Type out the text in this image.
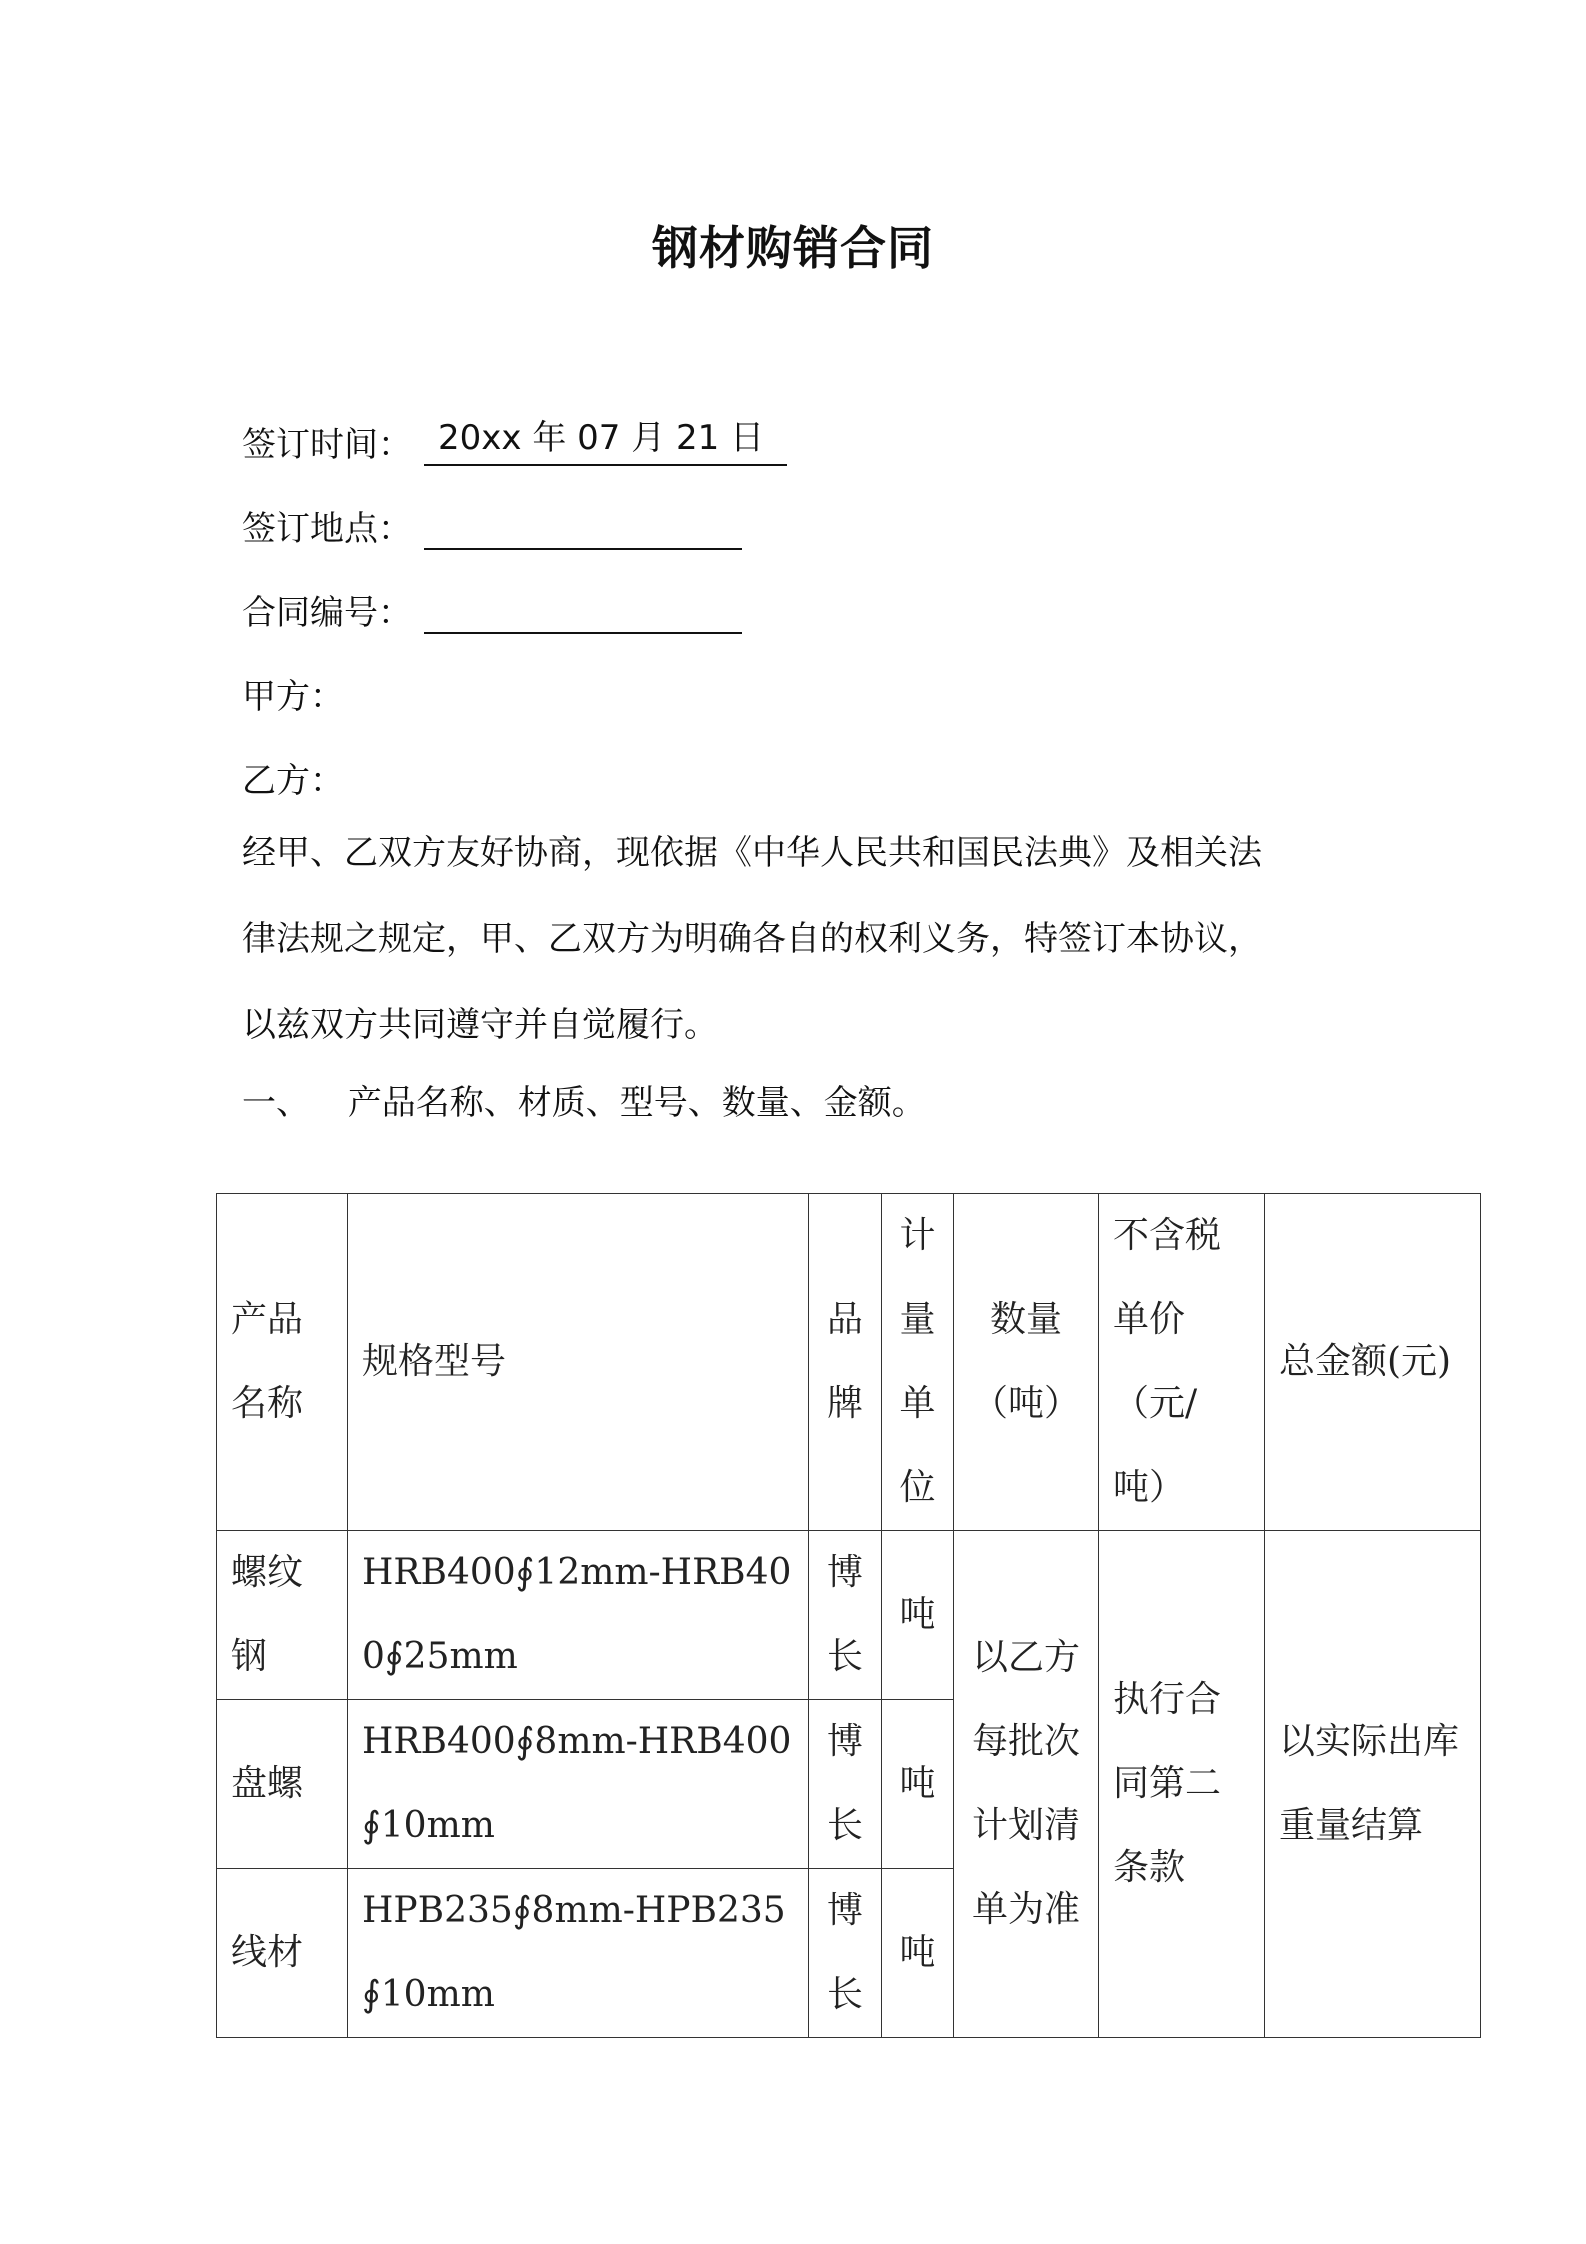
钢材购销合同
签订时间： 20xx 年 07 月 21 日
签订地点：
合同编号：
甲方：
乙方：
经甲、乙双方友好协商，现依据《中华人民共和国民法典》及相关法
律法规之规定，甲、乙双方为明确各自的权利义务，特签订本协议，
以兹双方共同遵守并自觉履行。
一、 产品名称、材质、型号、数量、金额。
产品名称	规格型号	品牌	计量单位	数量（吨）	不含税单价（元/吨）	总金额(元)
螺纹钢	HRB400∮12mm-HRB400∮25mm	博长	吨	以乙方每批次计划清单为准	执行合同第二条款	以实际出库重量结算
盘螺	HRB400∮8mm-HRB400∮10mm	博长	吨			
线材	HPB235∮8mm-HPB235∮10mm	博长	吨			
